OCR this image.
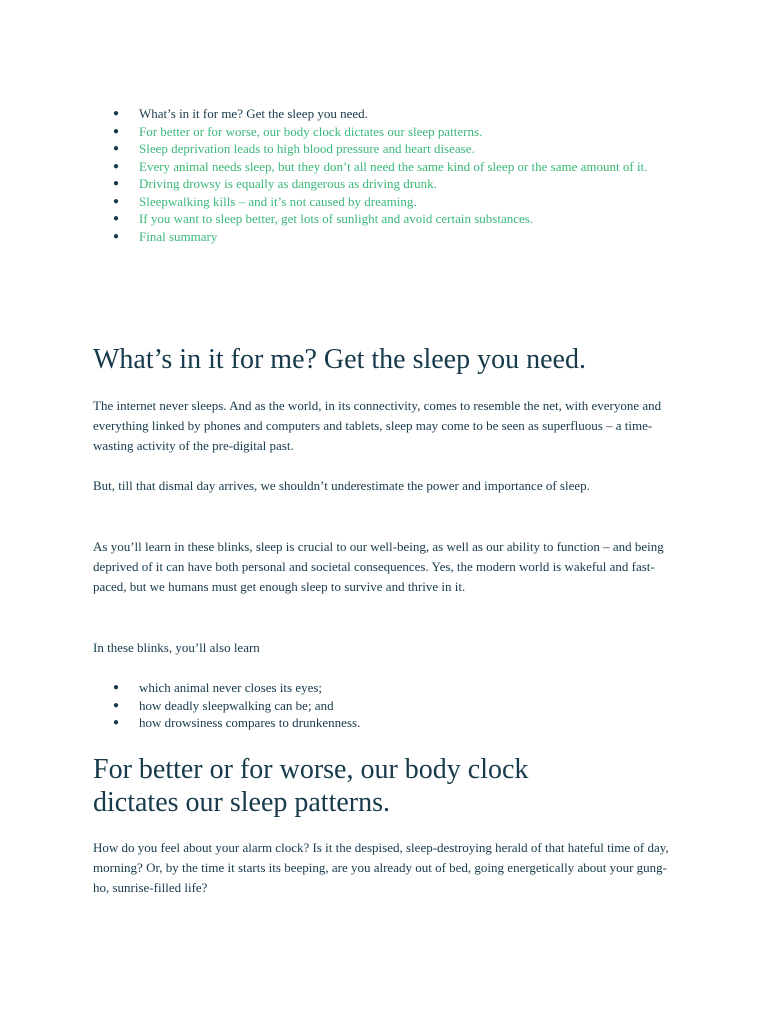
● What’s in it for me? Get the sleep you need.
● For better or for worse, our body clock dictates our sleep patterns.
● Sleep deprivation leads to high blood pressure and heart disease.
● Every animal needs sleep, but they don’t all need the same kind of sleep or the same amount of it.
● Driving drowsy is equally as dangerous as driving drunk.
● Sleepwalking kills – and it’s not caused by dreaming.
● If you want to sleep better, get lots of sunlight and avoid certain substances.
● Final summary
What’s in it for me? Get the sleep you need.

The internet never sleeps. And as the world, in its connectivity, comes to resemble the net, with everyone and everything linked by phones and computers and tablets, sleep may come to be seen as superfluous – a time-wasting activity of the pre-digital past.

But, till that dismal day arrives, we shouldn’t underestimate the power and importance of sleep.

As you’ll learn in these blinks, sleep is crucial to our well-being, as well as our ability to function – and being deprived of it can have both personal and societal consequences. Yes, the modern world is wakeful and fast-paced, but we humans must get enough sleep to survive and thrive in it.

In these blinks, you’ll also learn

● which animal never closes its eyes;
● how deadly sleepwalking can be; and
● how drowsiness compares to drunkenness.
For better or for worse, our body clock dictates our sleep patterns.

How do you feel about your alarm clock? Is it the despised, sleep-destroying herald of that hateful time of day, morning? Or, by the time it starts its beeping, are you already out of bed, going energetically about your gung-ho, sunrise-filled life?
